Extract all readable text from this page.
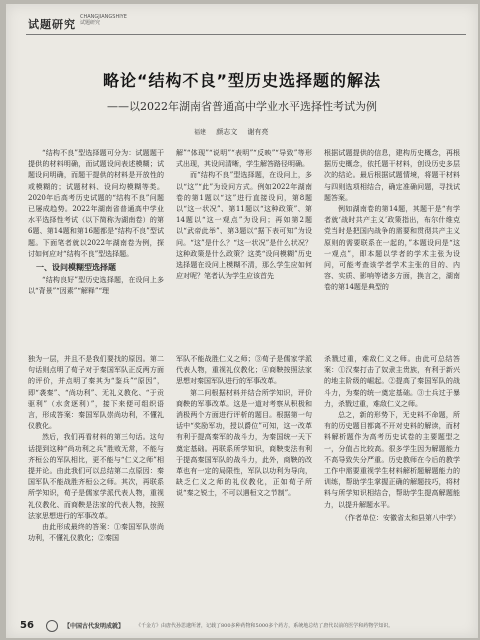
试题研究
CHANGJIANGSHIYE
试题研究
略论“结构不良”型历史选择题的解法
——以2022年湖南省普通高中学业水平选择性考试为例
福建 颜志文 谢有亮

“结构不良”型选择题可分为：试题题干提供的材料明确，而试题设问表述模糊；试题设问明确，而题干提供的材料是开放性的或模糊的；试题材料、设问均模糊等类。2020年后高考历史试题的“结构不良”问题已屡成趋势。2022年湖南省普通高中学业水平选择性考试（以下简称为湖南卷）的第6题、第14题和第16题都是“结构不良”型试题。下面笔者就以2022年湖南卷为例，探讨如何应对“结构不良”型选择题。

一、设问模糊型选择题

“结构良好”型历史选择题，在设问上多以“背景”“因素”“解释”“理

解”“体现”“说明”“表明”“反映”“导致”等形式出现，其设问清晰，学生解答路径明确。

而“结构不良”型选择题，在设问上，多以“这”“此”为设问方式。例如2022年湖南卷的第1题以“这”进行直接设问，第8题以“这一状况”、第11题以“这种政策”、第14题以“这一观点”为设问；再如第2题以“武帝此举”、第3题以“据下表可知”为设问。“这”是什么？“这一状况”是什么状况？这种政策是什么政策？这类“设问模糊”历史选择题在设问上模糊不清，那么学生应如何应对呢？笔者认为学生应该首先

根据试题提供的信息，建构历史概念，再根据历史概念，依托题干材料，创设历史多层次的结论。最后根据试题情境，将题干材料与四则选项相结合，确定准确问题，寻找试题答案。

例如湖南卷的第14题，其题干是“有学者就‘战时共产主义’政策指出，布尔什维克党当时是把国内战争的需要和贯彻共产主义原则的需要联系在一起的，”本题设问是“这一观点”，即本题以学者的学术主张为设问，可能考查该学者学术主张的目的、内容、实质、影响等诸多方面，换言之，湖南卷的第14题是典型的

独为一层，并且不是我们要找的原因。第二句话则点明了荀子对于秦国军队正反两方面的评价，并点明了秦其为“鉴兵”“原因”，即“袭秦”、“尚功利”、无礼义教化、“于贡驱利”（水贪逐利）”，接下来便可组织语言，形成答案：秦国军队崇尚功利，不懂礼仪教化。

然后，我们再看材料的第三句话。这句话提到这种“尚功利之兵”胜败无常，不能与齐桓公的军队相比，更不能与“仁义之师”相提并论。由此我们可以总结第二点原因：秦国军队不能战胜齐桓公之师。其次，再联系所学知识，荀子是儒家学派代表人物，重视礼仪教化、而商鞅是法家的代表人物，按照法家思想进行的军事改革。

由此形成最终的答案：①秦国军队崇尚功利，不懂礼仪教化；②秦国

军队不能战胜仁义之师；③荀子是儒家学派代表人物，重视礼仪教化；④商鞅按照法家思想对秦国军队进行的军事改革。

第二问根据材料并结合所学知识，评价商鞅的军事改革。这是一道对考察从积极和消极两个方面进行评析的题目。根据第一句话中“奖励军功，授以爵位”可知，这一改革有利于提高秦军的战斗力，为秦国统一天下奠定基础。再联系所学知识，商鞅变法有利于提高秦国军队的战斗力，此外，商鞅的改革也有一定的局限性，军队以功利为导向，缺乏仁义之师的礼仪教化，正如荀子所说“秦之锐士，不可以遇桓文之节制”。

杀戮过重，难敌仁义之师。由此可总结答案：①汉秦打击了奴隶主贵族，有利于新兴的地主阶级的崛起。②提高了秦国军队的战斗力，为秦的统一奠定基础。③士兵过于暴力，杀戮过重，难敌仁义之师。

总之，新的形势下，无史料不命题，所有的历史题目都离不开对史料的解读，而材料解析题作为高考历史试卷的主要题型之一，分值占比较高。很多学生因为解题能力不高导致失分严重。历史教师在今后的教学工作中需要重视学生材料解析题解题能力的训练，帮助学生掌握正确的解题技巧，将材料与所学知识相结合，帮助学生提高解题能力，以提升解题水平。

（作者单位：安徽省太和县第八中学）

56	【中国古代发明成就】 《千金方》由唐代孙思邈所著，记载了800多种药物和5000多个药方，系统地总结了唐代以前的医学和药物学知识。
